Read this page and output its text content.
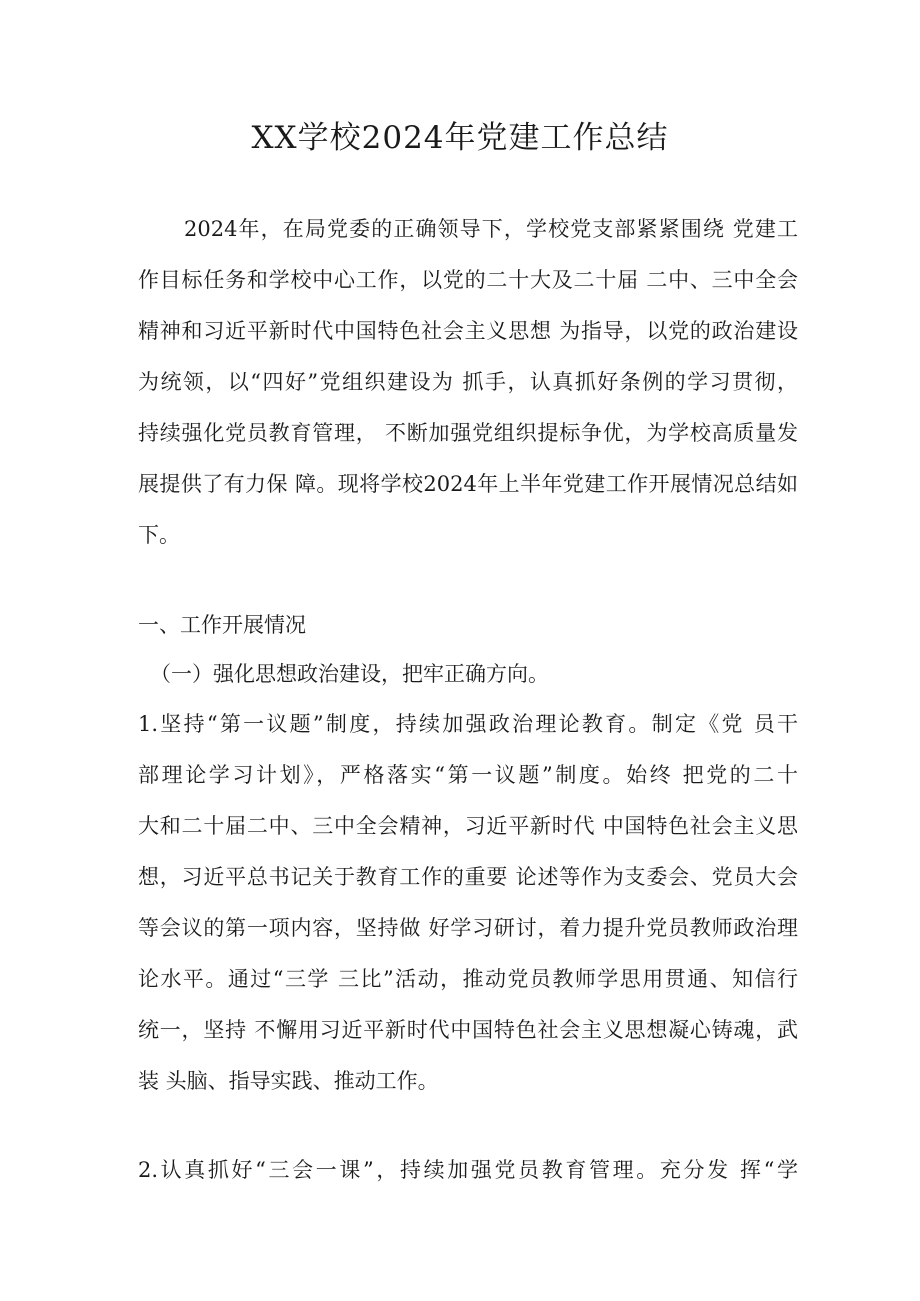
XX学校2024年党建工作总结
2024年，在局党委的正确领导下，学校党支部紧紧围绕 党建工
作目标任务和学校中心工作，以党的二十大及二十届 二中、三中全会
精神和习近平新时代中国特色社会主义思想 为指导，以党的政治建设
为统领，以“四好”党组织建设为 抓手，认真抓好条例的学习贯彻，
持续强化党员教育管理， 不断加强党组织提标争优，为学校高质量发
展提供了有力保 障。现将学校2024年上半年党建工作开展情况总结如
下。
一、工作开展情况
（一）强化思想政治建设，把牢正确方向。
1.坚持“第一议题”制度，持续加强政治理论教育。制定《党 员干
部理论学习计划》，严格落实“第一议题”制度。始终 把党的二十
大和二十届二中、三中全会精神，习近平新时代 中国特色社会主义思
想，习近平总书记关于教育工作的重要 论述等作为支委会、党员大会
等会议的第一项内容，坚持做 好学习研讨，着力提升党员教师政治理
论水平。通过“三学 三比”活动，推动党员教师学思用贯通、知信行
统一，坚持 不懈用习近平新时代中国特色社会主义思想凝心铸魂，武
装 头脑、指导实践、推动工作。
2.认真抓好“三会一课”，持续加强党员教育管理。充分发 挥“学
